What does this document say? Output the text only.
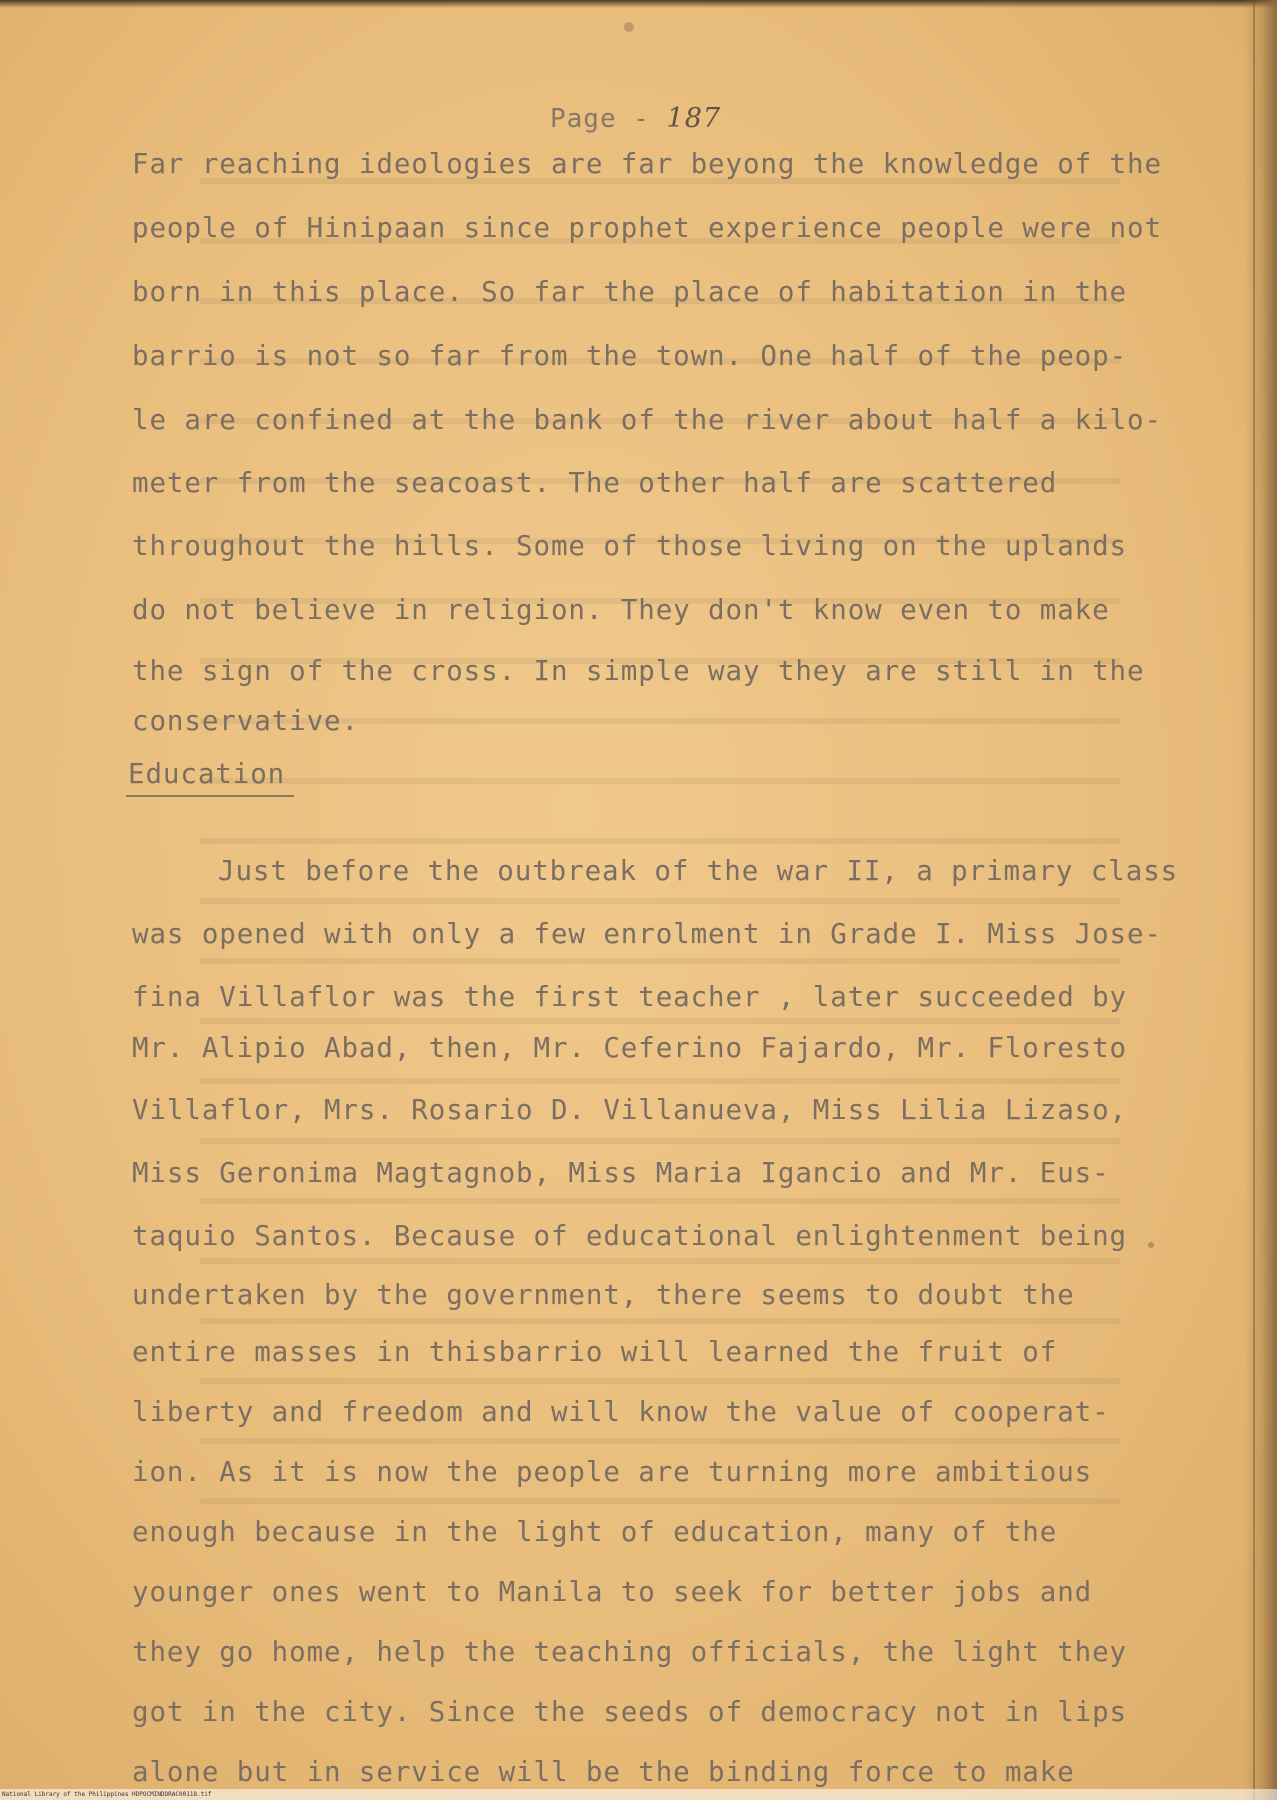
Page - 187
Far reaching ideologies are far beyong the knowledge of the
people of Hinipaan since prophet experience people were not
born in this place. So far the place of habitation in the
barrio is not so far from the town. One half of the peop-
le are confined at the bank of the river about half a kilo-
meter from the seacoast. The other half are scattered
throughout the hills. Some of those living on the uplands
do not believe in religion. They don't know even to make
the sign of the cross. In simple way they are still in the
conservative.
Education
Just before the outbreak of the war II, a primary class
was opened with only a few enrolment in Grade I. Miss Jose-
fina Villaflor was the first teacher , later succeeded by
Mr. Alipio Abad, then, Mr. Ceferino Fajardo, Mr. Floresto
Villaflor, Mrs. Rosario D. Villanueva, Miss Lilia Lizaso,
Miss Geronima Magtagnob, Miss Maria Igancio and Mr. Eus-
taquio Santos. Because of educational enlightenment being
undertaken by the government, there seems to doubt the
entire masses in thisbarrio will learned the fruit of
liberty and freedom and will know the value of cooperat-
ion. As it is now the people are turning more ambitious
enough because in the light of education, many of the
younger ones went to Manila to seek for better jobs and
they go home, help the teaching officials, the light they
got in the city. Since the seeds of democracy not in lips
alone but in service will be the binding force to make
National Library of the Philippines HDPOCMINDORAC00118.tif
